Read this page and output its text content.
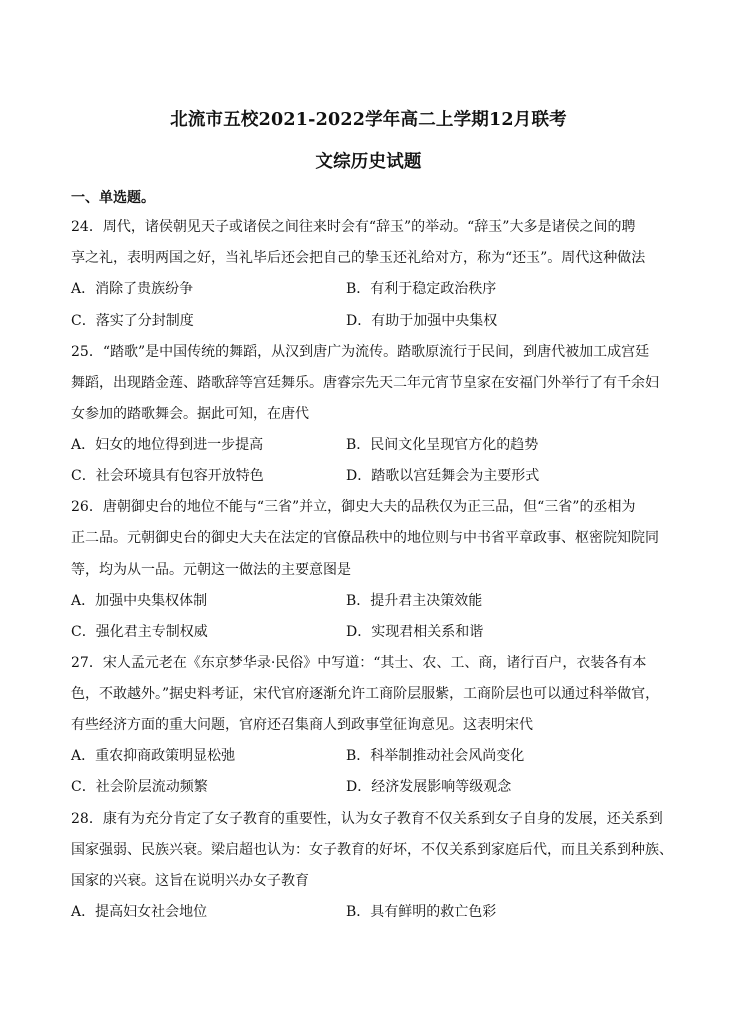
北流市五校2021-2022学年高二上学期12月联考
文综历史试题
一、单选题。
24．周代，诸侯朝见天子或诸侯之间往来时会有“辞玉”的举动。“辞玉”大多是诸侯之间的聘
享之礼，表明两国之好，当礼毕后还会把自己的挚玉还礼给对方，称为“还玉”。周代这种做法
A．消除了贵族纷争	B．有利于稳定政治秩序
C．落实了分封制度	D．有助于加强中央集权
25．“踏歌”是中国传统的舞蹈，从汉到唐广为流传。踏歌原流行于民间，到唐代被加工成宫廷
舞蹈，出现踏金莲、踏歌辞等宫廷舞乐。唐睿宗先天二年元宵节皇家在安福门外举行了有千余妇
女参加的踏歌舞会。据此可知，在唐代
A．妇女的地位得到进一步提高	B．民间文化呈现官方化的趋势
C．社会环境具有包容开放特色	D．踏歌以宫廷舞会为主要形式
26．唐朝御史台的地位不能与“三省”并立，御史大夫的品秩仅为正三品，但“三省”的丞相为
正二品。元朝御史台的御史大夫在法定的官僚品秩中的地位则与中书省平章政事、枢密院知院同
等，均为从一品。元朝这一做法的主要意图是
A．加强中央集权体制	B．提升君主决策效能
C．强化君主专制权威	D．实现君相关系和谐
27．宋人孟元老在《东京梦华录·民俗》中写道：“其士、农、工、商，诸行百户，衣装各有本
色，不敢越外。”据史料考证，宋代官府逐渐允许工商阶层服紫，工商阶层也可以通过科举做官，
有些经济方面的重大问题，官府还召集商人到政事堂征询意见。这表明宋代
A．重农抑商政策明显松弛	B．科举制推动社会风尚变化
C．社会阶层流动频繁	D．经济发展影响等级观念
28．康有为充分肯定了女子教育的重要性，认为女子教育不仅关系到女子自身的发展，还关系到
国家强弱、民族兴衰。梁启超也认为：女子教育的好坏，不仅关系到家庭后代，而且关系到种族、
国家的兴衰。这旨在说明兴办女子教育
A．提高妇女社会地位	B．具有鲜明的救亡色彩
